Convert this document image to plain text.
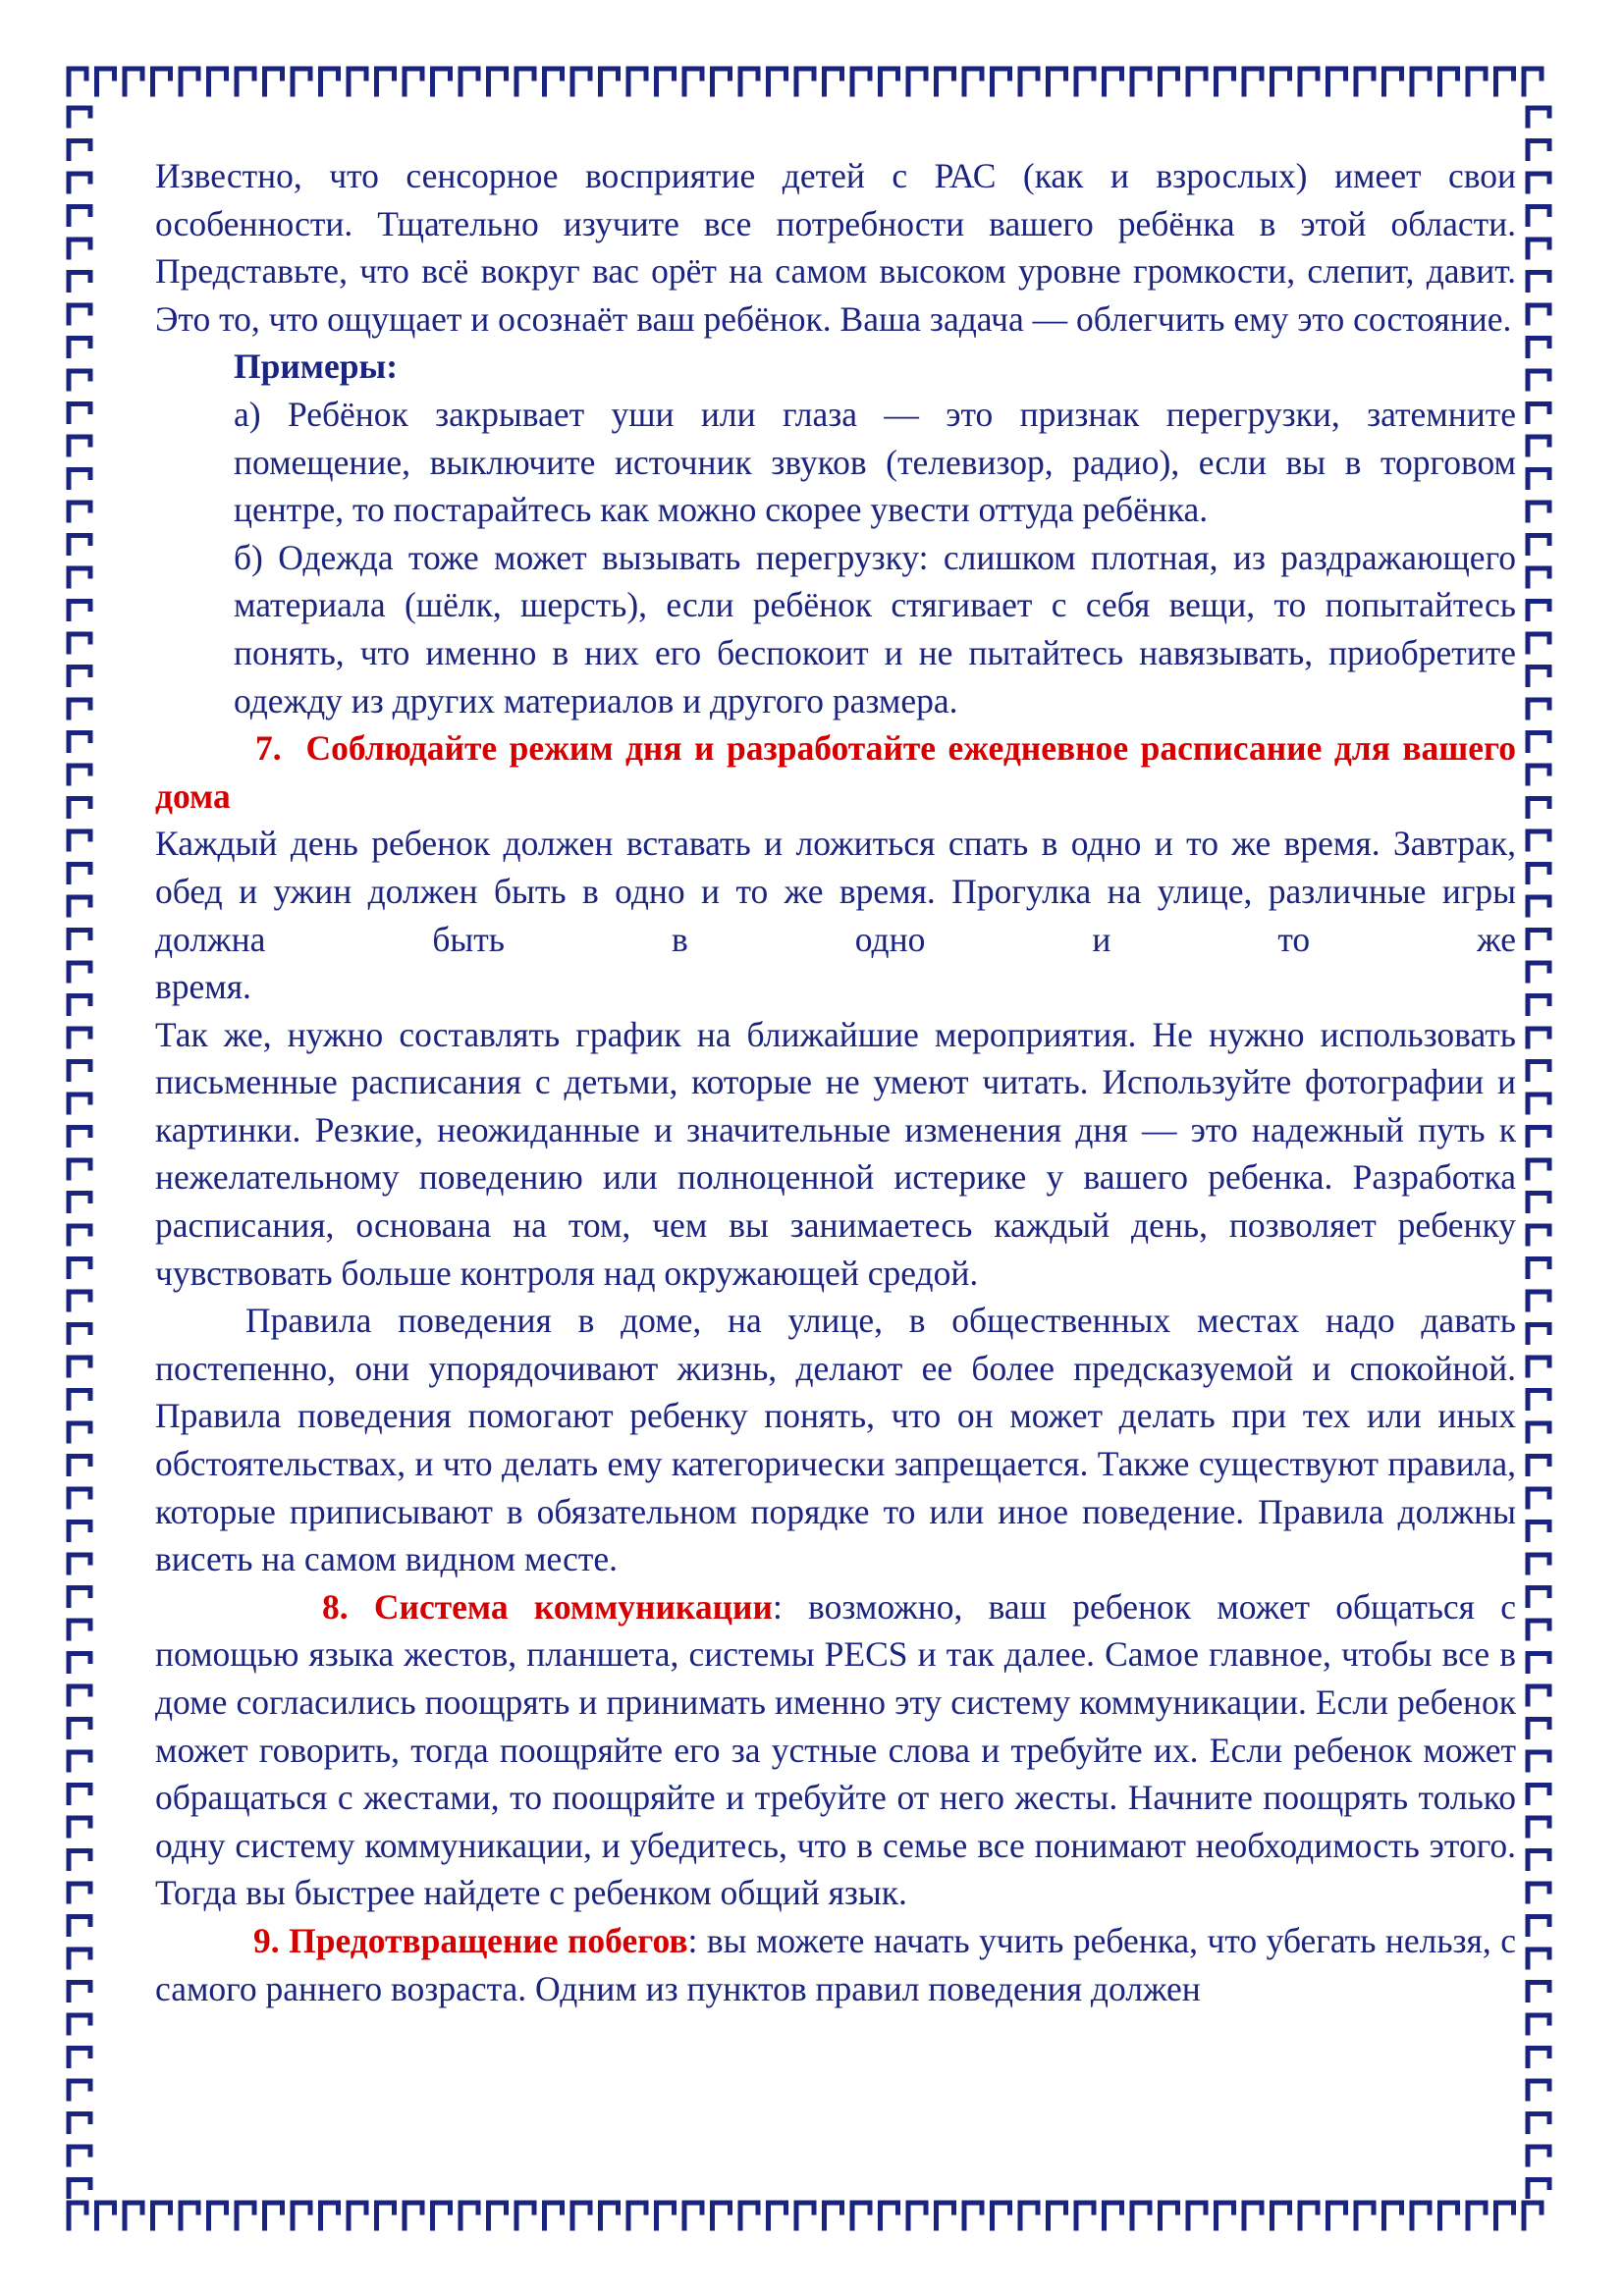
Известно, что сенсорное восприятие детей с РАС (как и взрослых) имеет свои особенности. Тщательно изучите все потребности вашего ребёнка в этой области. Представьте, что всё вокруг вас орёт на самом высоком уровне громкости, слепит, давит. Это то, что ощущает и осознаёт ваш ребёнок. Ваша задача — облегчить ему это состояние.

Примеры:

а) Ребёнок закрывает уши или глаза — это признак перегрузки, затемните помещение, выключите источник звуков (телевизор, радио), если вы в торговом центре, то постарайтесь как можно скорее увести оттуда ребёнка.

б) Одежда тоже может вызывать перегрузку: слишком плотная, из раздражающего материала (шёлк, шерсть), если ребёнок стягивает с себя вещи, то попытайтесь понять, что именно в них его беспокоит и не пытайтесь навязывать, приобретите одежду из других материалов и другого размера.

7. Соблюдайте режим дня и разработайте ежедневное расписание для вашего дома

Каждый день ребенок должен вставать и ложиться спать в одно и то же время. Завтрак, обед и ужин должен быть в одно и то же время. Прогулка на улице, различные игры должна быть в одно и то же

время.

Так же, нужно составлять график на ближайшие мероприятия. Не нужно использовать письменные расписания с детьми, которые не умеют читать. Используйте фотографии и картинки. Резкие, неожиданные и значительные изменения дня — это надежный путь к нежелательному поведению или полноценной истерике у вашего ребенка. Разработка расписания, основана на том, чем вы занимаетесь каждый день, позволяет ребенку чувствовать больше контроля над окружающей средой.

Правила поведения в доме, на улице, в общественных местах надо давать постепенно, они упорядочивают жизнь, делают ее более предсказуемой и спокойной. Правила поведения помогают ребенку понять, что он может делать при тех или иных обстоятельствах, и что делать ему категорически запрещается. Также существуют правила, которые приписывают в обязательном порядке то или иное поведение. Правила должны висеть на самом видном месте.

8. Система коммуникации: возможно, ваш ребенок может общаться с помощью языка жестов, планшета, системы PECS и так далее. Самое главное, чтобы все в доме согласились поощрять и принимать именно эту систему коммуникации. Если ребенок может говорить, тогда поощряйте его за устные слова и требуйте их. Если ребенок может обращаться с жестами, то поощряйте и требуйте от него жесты. Начните поощрять только одну систему коммуникации, и убедитесь, что в семье все понимают необходимость этого. Тогда вы быстрее найдете с ребенком общий язык.

9. Предотвращение побегов: вы можете начать учить ребенка, что убегать нельзя, с самого раннего возраста. Одним из пунктов правил поведения должен
